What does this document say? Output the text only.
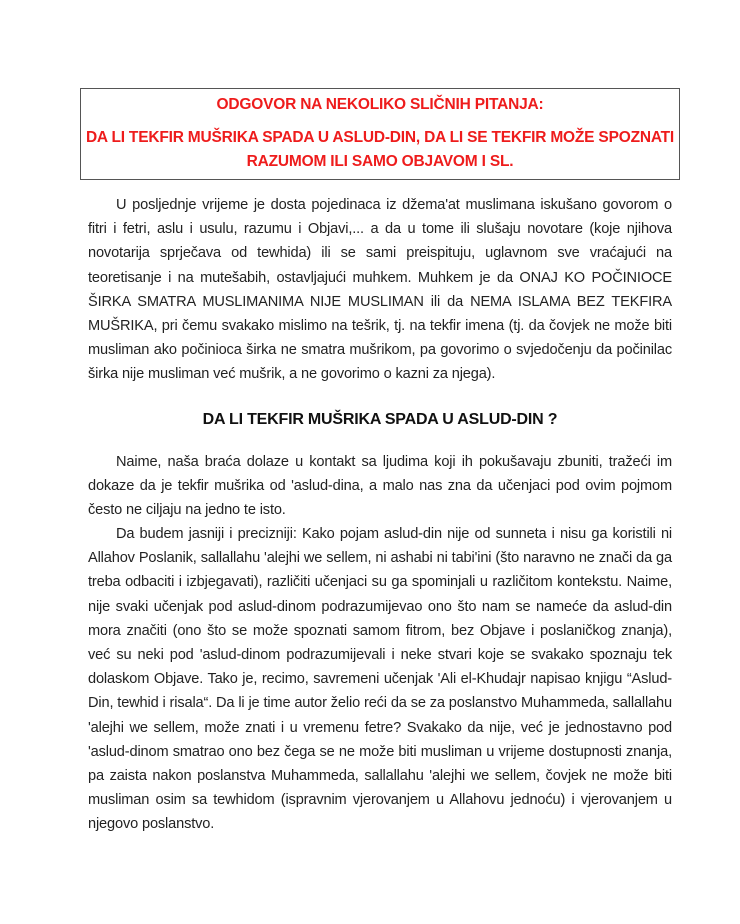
ODGOVOR NA NEKOLIKO SLIČNIH PITANJA:
DA LI TEKFIR MUŠRIKA SPADA U ASLUD-DIN, DA LI SE TEKFIR MOŽE SPOZNATI RAZUMOM ILI SAMO OBJAVOM I SL.

U posljednje vrijeme je dosta pojedinaca iz džema'at muslimana iskušano govorom o fitri i fetri, aslu i usulu, razumu i Objavi,... a da u tome ili slušaju novotare (koje njihova novotarija sprječava od tewhida) ili se sami preispituju, uglavnom sve vraćajući na teoretisanje i na mutešabih, ostavljajući muhkem. Muhkem je da ONAJ KO POČINIOCE ŠIRKA SMATRA MUSLIMANIMA NIJE MUSLIMAN ili da NEMA ISLAMA BEZ TEKFIRA MUŠRIKA, pri čemu svakako mislimo na tešrik, tj. na tekfir imena (tj. da čovjek ne može biti musliman ako počinioca širka ne smatra mušrikom, pa govorimo o svjedočenju da počinilac širka nije musliman već mušrik, a ne govorimo o kazni za njega).

DA LI TEKFIR MUŠRIKA SPADA U ASLUD-DIN ?

Naime, naša braća dolaze u kontakt sa ljudima koji ih pokušavaju zbuniti, tražeći im dokaze da je tekfir mušrika od 'aslud-dina, a malo nas zna da učenjaci pod ovim pojmom često ne ciljaju na jedno te isto.

Da budem jasniji i precizniji: Kako pojam aslud-din nije od sunneta i nisu ga koristili ni Allahov Poslanik, sallallahu 'alejhi we sellem, ni ashabi ni tabi'ini (što naravno ne znači da ga treba odbaciti i izbjegavati), različiti učenjaci su ga spominjali u različitom kontekstu. Naime, nije svaki učenjak pod aslud-dinom podrazumijevao ono što nam se nameće da aslud-din mora značiti (ono što se može spoznati samom fitrom, bez Objave i poslaničkog znanja), već su neki pod 'aslud-dinom podrazumijevali i neke stvari koje se svakako spoznaju tek dolaskom Objave. Tako je, recimo, savremeni učenjak 'Ali el-Khudajr napisao knjigu “Aslud-Din, tewhid i risala“. Da li je time autor želio reći da se za poslanstvo Muhammeda, sallallahu 'alejhi we sellem, može znati i u vremenu fetre? Svakako da nije, već je jednostavno pod 'aslud-dinom smatrao ono bez čega se ne može biti musliman u vrijeme dostupnosti znanja, pa zaista nakon poslanstva Muhammeda, sallallahu 'alejhi we sellem, čovjek ne može biti musliman osim sa tewhidom (ispravnim vjerovanjem u Allahovu jednoću) i vjerovanjem u njegovo poslanstvo.
